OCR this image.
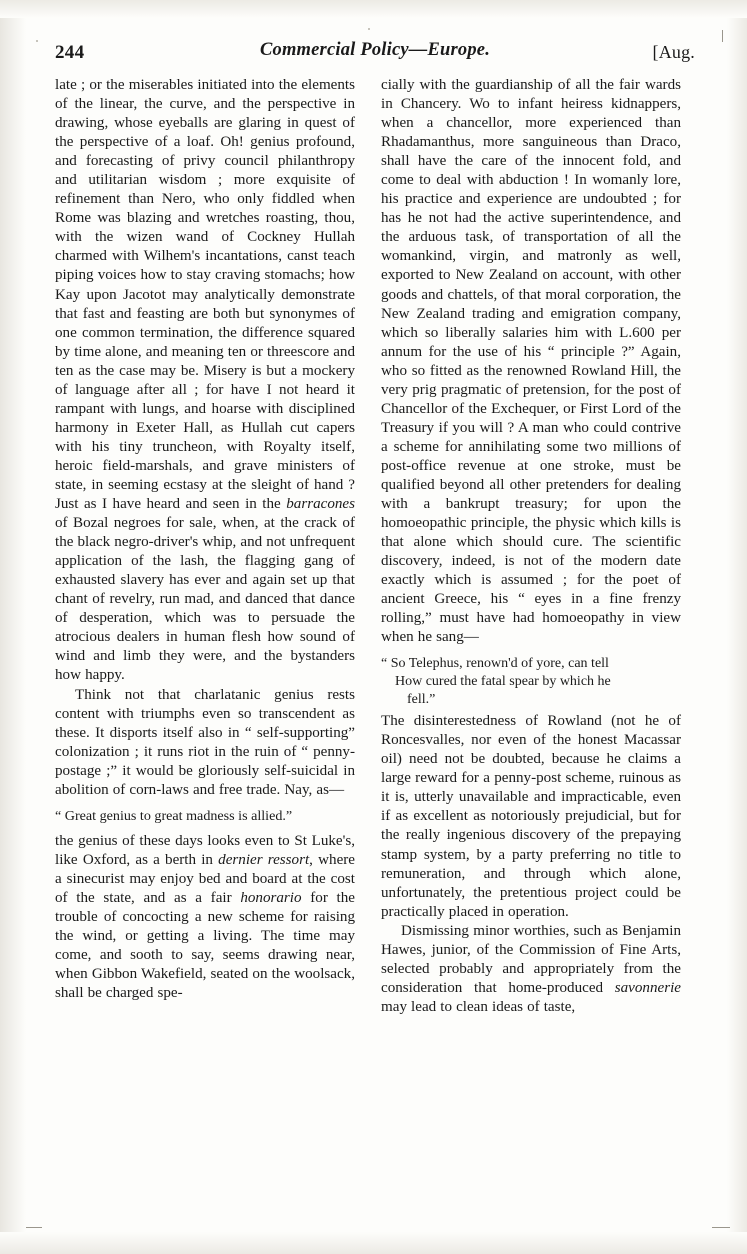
244	Commercial Policy—Europe.	[Aug.

late ; or the miserables initiated into the elements of the linear, the curve, and the perspective in drawing, whose eyeballs are glaring in quest of the perspective of a loaf. Oh! genius profound, and forecasting of privy council philanthropy and utilitarian wisdom ; more exquisite of refinement than Nero, who only fiddled when Rome was blazing and wretches roasting, thou, with the wizen wand of Cockney Hullah charmed with Wilhem's incantations, canst teach piping voices how to stay craving stomachs; how Kay upon Jacotot may analytically demonstrate that fast and feasting are both but synonymes of one common termination, the difference squared by time alone, and meaning ten or threescore and ten as the case may be. Misery is but a mockery of language after all ; for have I not heard it rampant with lungs, and hoarse with disciplined harmony in Exeter Hall, as Hullah cut capers with his tiny truncheon, with Royalty itself, heroic field-marshals, and grave ministers of state, in seeming ecstasy at the sleight of hand ? Just as I have heard and seen in the barracones of Bozal negroes for sale, when, at the crack of the black negro-driver's whip, and not unfrequent application of the lash, the flagging gang of exhausted slavery has ever and again set up that chant of revelry, run mad, and danced that dance of desperation, which was to persuade the atrocious dealers in human flesh how sound of wind and limb they were, and the bystanders how happy.

Think not that charlatanic genius rests content with triumphs even so transcendent as these. It disports itself also in “ self-supporting” colonization ; it runs riot in the ruin of “ penny-postage ;” it would be gloriously self-suicidal in abolition of corn-laws and free trade. Nay, as—

“ Great genius to great madness is allied.”

the genius of these days looks even to St Luke's, like Oxford, as a berth in dernier ressort, where a sinecurist may enjoy bed and board at the cost of the state, and as a fair honorario for the trouble of concocting a new scheme for raising the wind, or getting a living. The time may come, and sooth to say, seems drawing near, when Gibbon Wakefield, seated on the woolsack, shall be charged spe-

cially with the guardianship of all the fair wards in Chancery. Wo to infant heiress kidnappers, when a chancellor, more experienced than Rhadamanthus, more sanguineous than Draco, shall have the care of the innocent fold, and come to deal with abduction ! In womanly lore, his practice and experience are undoubted ; for has he not had the active superintendence, and the arduous task, of transportation of all the womankind, virgin, and matronly as well, exported to New Zealand on account, with other goods and chattels, of that moral corporation, the New Zealand trading and emigration company, which so liberally salaries him with L.600 per annum for the use of his “ principle ?” Again, who so fitted as the renowned Rowland Hill, the very prig pragmatic of pretension, for the post of Chancellor of the Exchequer, or First Lord of the Treasury if you will ? A man who could contrive a scheme for annihilating some two millions of post-office revenue at one stroke, must be qualified beyond all other pretenders for dealing with a bankrupt treasury; for upon the homoeopathic principle, the physic which kills is that alone which should cure. The scientific discovery, indeed, is not of the modern date exactly which is assumed ; for the poet of ancient Greece, his “ eyes in a fine frenzy rolling,” must have had homoeopathy in view when he sang—

“ So Telephus, renown'd of yore, can tell
How cured the fatal spear by which he
fell.”

The disinterestedness of Rowland (not he of Roncesvalles, nor even of the honest Macassar oil) need not be doubted, because he claims a large reward for a penny-post scheme, ruinous as it is, utterly unavailable and impracticable, even if as excellent as notoriously prejudicial, but for the really ingenious discovery of the prepaying stamp system, by a party preferring no title to remuneration, and through which alone, unfortunately, the pretentious project could be practically placed in operation.

Dismissing minor worthies, such as Benjamin Hawes, junior, of the Commission of Fine Arts, selected probably and appropriately from the consideration that home-produced savonnerie may lead to clean ideas of taste,
